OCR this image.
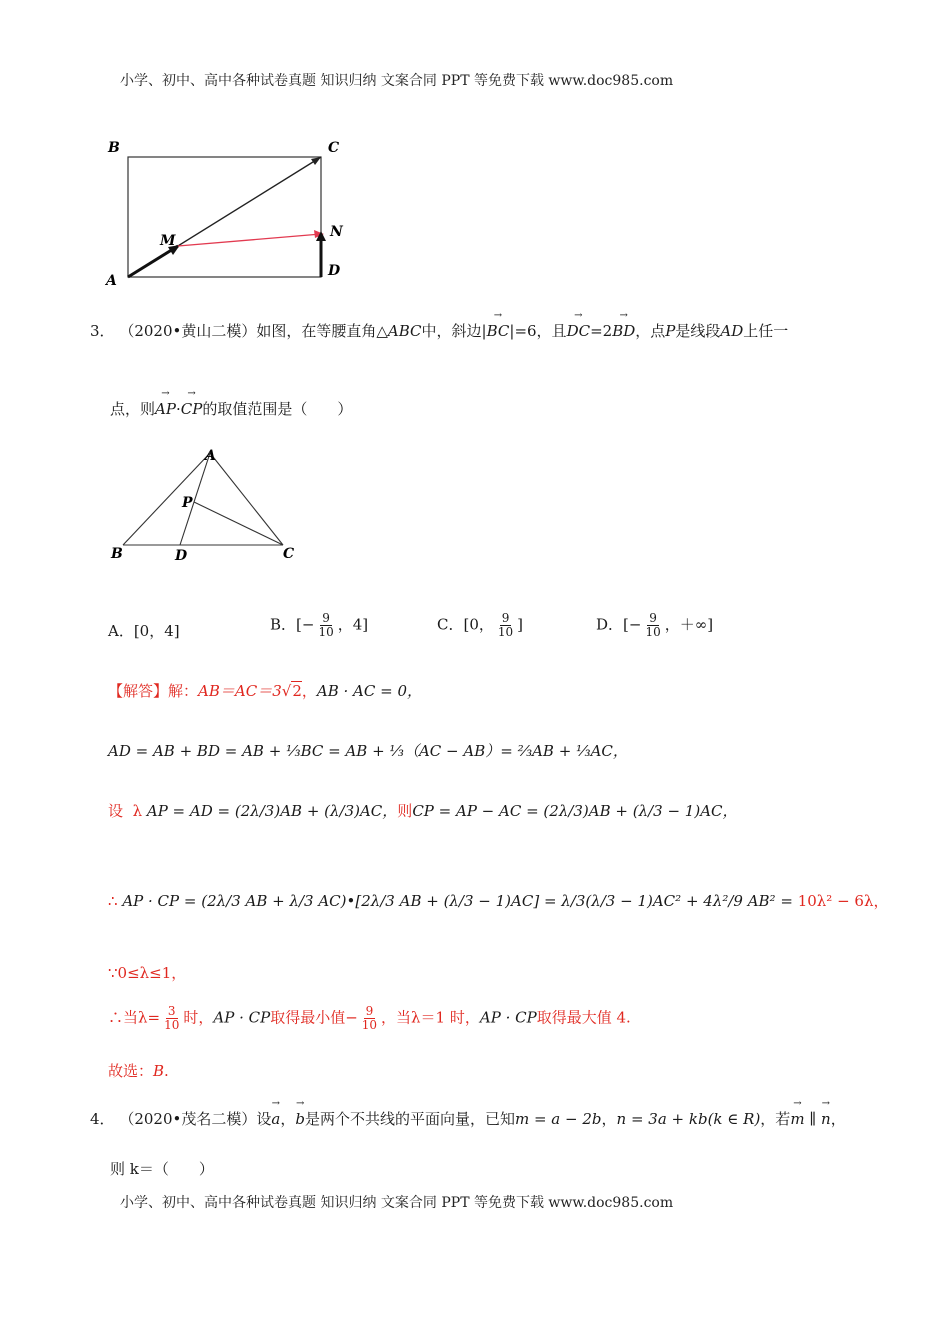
小学、初中、高中各种试卷真题 知识归纳 文案合同 PPT 等免费下载 www.doc985.com
B	C
A
D
M
N
3． （2020•黄山二模）如图，在等腰直角△ABC中，斜边→ |BC|=6，且→ DC=2→ BD，点P是线段AD上任一
点，则→ AP·→ CP的取值范围是（　　）
A
P
B	D	C
A．[0，4]	B．[− $\frac{9}{10}$ ，4]	C．[0， $\frac{9}{10}$ ]	D．[− $\frac{9}{10}$ ，＋∞]
【解答】解：AB＝AC＝3√2，AB · AC = 0，
AD = AB + BD = AB + ⅓BC = AB + ⅓（AC − AB）= ⅔AB + ⅓AC，
设 λ AP = AD = (2λ/3)AB + (λ/3)AC，则CP = AP − AC = (2λ/3)AB + (λ/3 − 1)AC，
∴ AP · CP = (2λ/3 AB + λ/3 AC)•[2λ/3 AB + (λ/3 − 1)AC] = λ/3(λ/3 − 1)AC² + 4λ²/9 AB² = 10λ² − 6λ，
∵0≤λ≤1，
∴当$\lambda= \frac{3}{10}$ 时，AP · CP取得最小值− $\frac{9}{10}$ ，当λ＝1 时，AP · CP取得最大值 4.
故选：B.
4． （2020•茂名二模）设→ a，→ b是两个不共线的平面向量，已知m = a − 2b，n = 3a + kb(k ∈ R)，若→ m ∥ → n，
则 k＝（　　）
小学、初中、高中各种试卷真题 知识归纳 文案合同 PPT 等免费下载 www.doc985.com
